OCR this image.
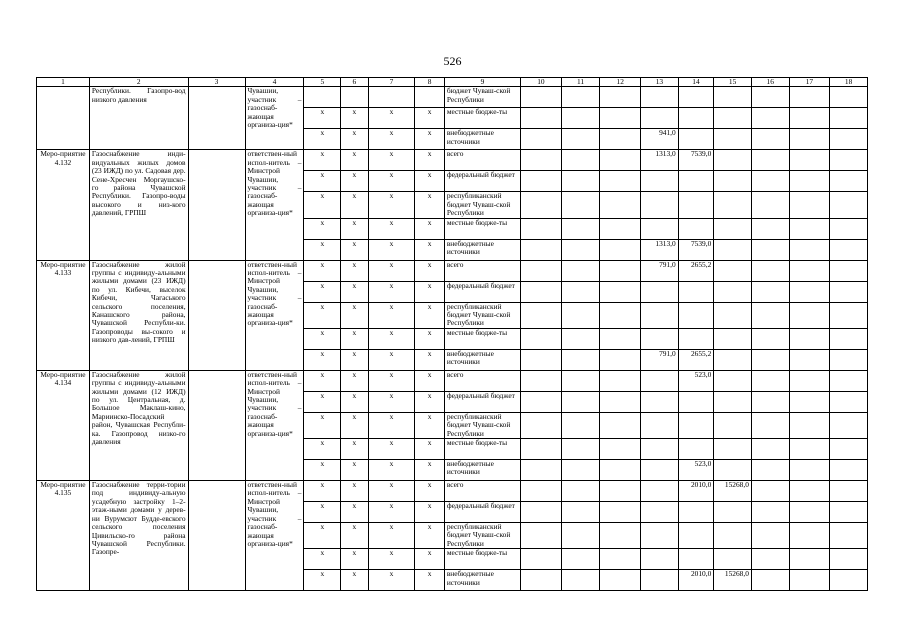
526
1	2	3	4	5	6	7	8	9	10	11	12	13	14	15	16	17	18
	Республики. Газопро-вод низкого давления		Чувашии, участник – газоснаб-жающая организа-ция*					бюджет Чуваш-ской Республики									
				x	x	x	x	местные бюдже-ты									
				x	x	x	x	внебюджетные источники				941,0					
Меро-приятие 4.132	Газоснабжение инди-видуальных жилых домов (23 ИЖД) по ул. Садовая дер. Сене-Хресчен Моргаушско-го района Чувашской Республики. Газопро-воды высокого и низ-кого давлений, ГРПШ		ответствен-ный испол-нитель – Минстрой Чувашии, участник – газоснаб-жающая организа-ция*	x	x	x	x	всего				1313,0	7539,0				
				x	x	x	x	федеральный бюджет									
				x	x	x	x	республиканский бюджет Чуваш-ской Республики									
				x	x	x	x	местные бюдже-ты									
				x	x	x	x	внебюджетные источники				1313,0	7539,0				
Меро-приятие 4.133	Газоснабжение жилой группы с индивиду-альными жилыми домами (23 ИЖД) по ул. Кибечи, выселок Кибечи, Чагаського сельского поселения, Канашского района, Чувашской Республи-ки. Газопроводы вы-сокого и низкого дав-лений, ГРПШ		ответствен-ный испол-нитель – Минстрой Чувашии, участник – газоснаб-жающая организа-ция*	x	x	x	x	всего				791,0	2655,2				
				x	x	x	x	федеральный бюджет									
				x	x	x	x	республиканский бюджет Чуваш-ской Республики									
				x	x	x	x	местные бюдже-ты									
				x	x	x	x	внебюджетные источники				791,0	2655,2				
Меро-приятие 4.134	Газоснабжение жилой группы с индивиду-альными жилыми домами (12 ИЖД) по ул. Центральная, д. Большое Маклаш-кино, Мариинско-Посадский район, Чувашская Республи-ка. Газопровод низко-го давления		ответствен-ный испол-нитель – Минстрой Чувашии, участник – газоснаб-жающая организа-ция*	x	x	x	x	всего					523,0				
				x	x	x	x	федеральный бюджет									
				x	x	x	x	республиканский бюджет Чуваш-ской Республики									
				x	x	x	x	местные бюдже-ты									
				x	x	x	x	внебюджетные источники					523,0				
Меро-приятие 4.135	Газоснабжение терри-тории под индивиду-альную усадебную застройку 1–2-этаж-ными домами у дерев-ни Вурумсют Будде-евского сельского поселения Цивильско-го района Чувашской Республики. Газопре-		ответствен-ный испол-нитель – Минстрой Чувашии, участник – газоснаб-жающая организа-ция*	x	x	x	x	всего					2010,0	15268,0			
				x	x	x	x	федеральный бюджет									
				x	x	x	x	республиканский бюджет Чуваш-ской Республики									
				x	x	x	x	местные бюдже-ты									
				x	x	x	x	внебюджетные источники					2010,0	15268,0			
